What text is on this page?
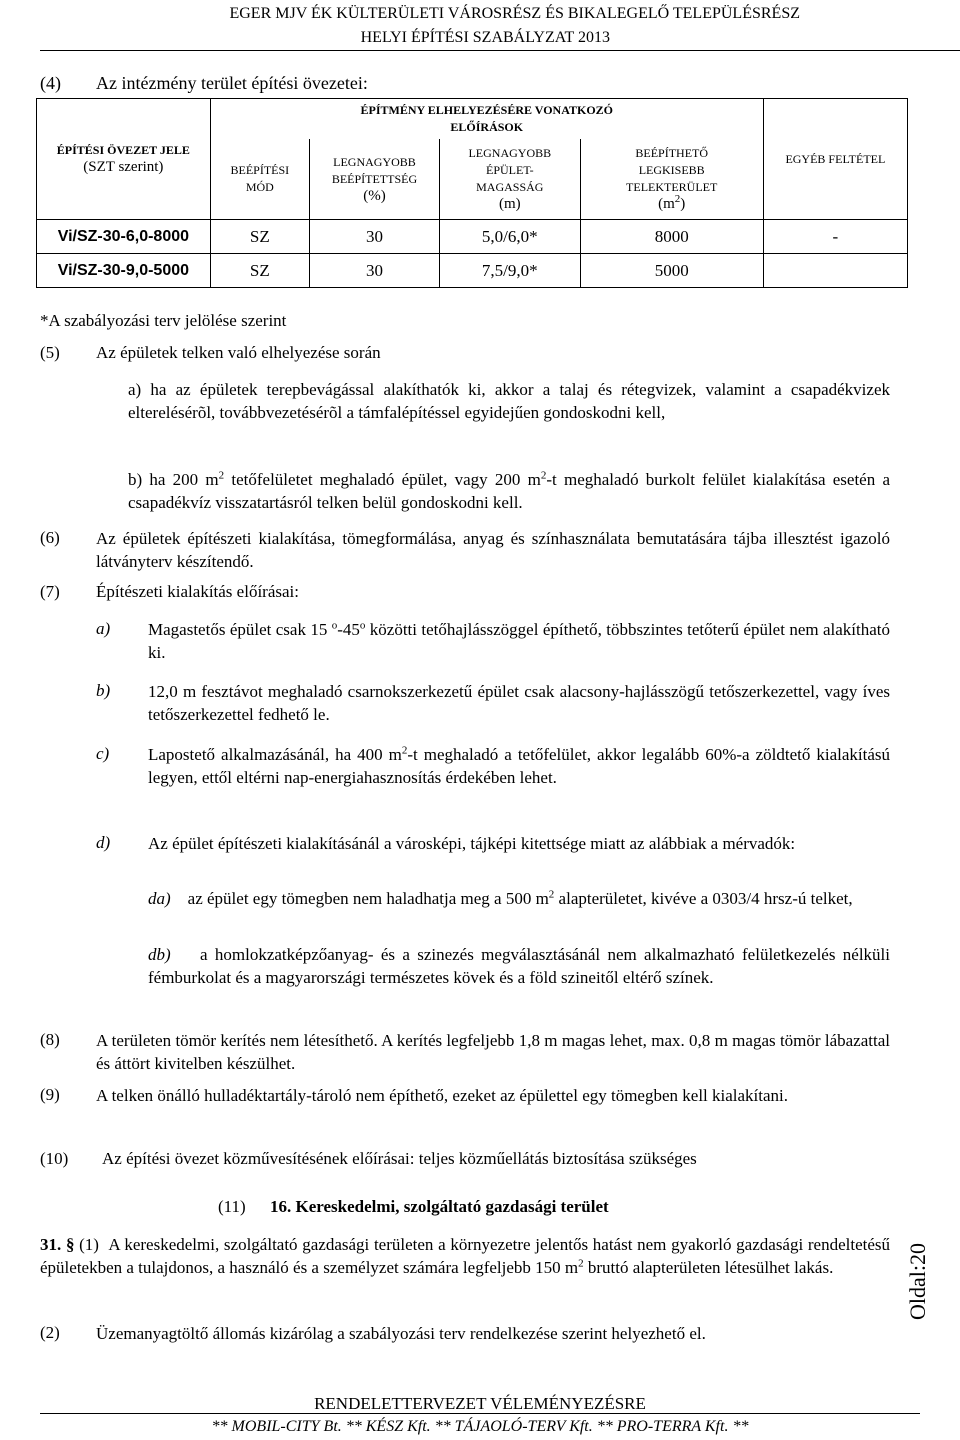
EGER MJV ÉK KÜLTERÜLETI VÁROSRÉSZ ÉS BIKALEGELŐ TELEPÜLÉSRÉSZ
HELYI ÉPÍTÉSI SZABÁLYZAT 2013
(4) Az intézmény terület építési övezetei:
ÉPÍTÉSI ÖVEZET JELE
(SZT szerint)	ÉPÍTMÉNY ELHELYEZÉSÉRE VONATKOZÓ ELŐÍRÁSOK				EGYÉB FELTÉTEL
	BEÉPÍTÉSI
MÓD	LEGNAGYOBB
BEÉPÍTETTSÉG
(%)	LEGNAGYOBB
ÉPÜLET-
MAGASSÁG
(m)	BEÉPÍTHETŐ
LEGKISEBB
TELEKTERÜLET
$(m^2)$	
Vi/SZ-30-6,0-8000	SZ	30	5,0/6,0*	8000	-
Vi/SZ-30-9,0-5000	SZ	30	7,5/9,0*	5000	
*A szabályozási terv jelölése szerint
(5) Az épületek telken való elhelyezése során
a) ha az épületek terepbevágással alakíthatók ki, akkor a talaj és rétegvizek, valamint a csapadékvizek elterelésérõl, továbbvezetésérõl a támfalépítéssel egyidejűen gondoskodni kell,
b) ha 200 $m^2$ tetőfelületet meghaladó épület, vagy 200 $m^2-t$ meghaladó burkolt felület kialakítása esetén a csapadékvíz visszatartásról telken belül gondoskodni kell.
(6) Az épületek építészeti kialakítása, tömegformálása, anyag és színhasználata bemutatására tájba illesztést igazoló látványterv készítendő.
(7) Építészeti kialakítás előírásai:
a) Magastetős épület csak 15 $^o$-45$^o$ közötti tetőhajlásszöggel építhető, többszintes tetőterű épület nem alakítható ki.
b) 12,0 m fesztávot meghaladó csarnokszerkezetű épület csak alacsony-hajlásszögű tetőszerkezettel, vagy íves tetőszerkezettel fedhető le.
c) Lapostető alkalmazásánál, ha 400 $m^2-t$ meghaladó a tetőfelület, akkor legalább 60%-a zöldtető kialakítású legyen, ettől eltérni nap-energiahasznosítás érdekében lehet.
d) Az épület építészeti kialakításánál a városképi, tájképi kitettsége miatt az alábbiak a mérvadók:
da) az épület egy tömegben nem haladhatja meg a 500 $m^2$ alapterületet, kivéve a 0303/4 hrsz-ú telket,
db) a homlokzatképzőanyag- és a szinezés megválasztásánál nem alkalmazható felületkezelés nélküli fémburkolat és a magyarországi természetes kövek és a föld szineitől eltérő színek.
(8) A területen tömör kerítés nem létesíthető. A kerítés legfeljebb 1,8 m magas lehet, max. 0,8 m magas tömör lábazattal és áttört kivitelben készülhet.
(9) A telken önálló hulladéktartály-tároló nem építhető, ezeket az épülettel egy tömegben kell kialakítani.
(10) Az építési övezet közművesítésének előírásai: teljes közműellátás biztosítása szükséges
(11) 16. Kereskedelmi, szolgáltató gazdasági terület
31. § (1) A kereskedelmi, szolgáltató gazdasági területen a környezetre jelentős hatást nem gyakorló gazdasági rendeltetésű épületekben a tulajdonos, a használó és a személyzet számára legfeljebb 150 $m^2$ bruttó alapterületen létesülhet lakás.
(2) Üzemanyagtöltő állomás kizárólag a szabályozási terv rendelkezése szerint helyezhető el.
Oldal:20
RENDELETTERVEZET VÉLEMÉNYEZÉSRE
** MOBIL-CITY Bt. ** KÉSZ Kft. ** TÁJAOLÓ-TERV Kft. ** PRO-TERRA Kft. **
